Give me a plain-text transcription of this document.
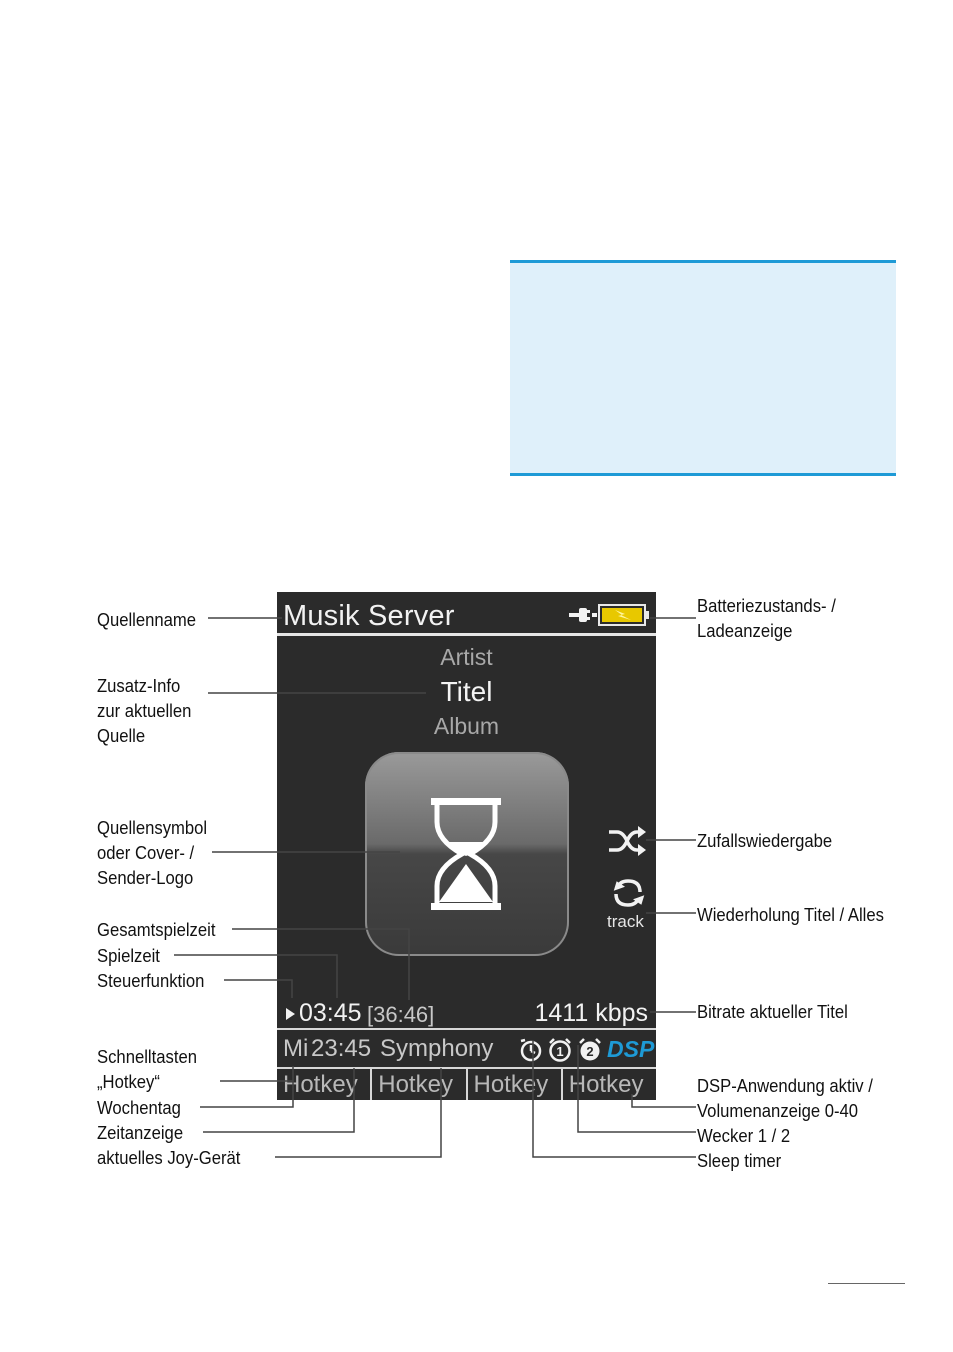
Musik Server
Artist
Titel
Album
track
03:45 [36:46]	1411 kbps
Mi 23:45 Symphony	1 2 DSP
Hotkey Hotkey Hotkey Hotkey
Quellenname
Zusatz-Info
zur aktuellen
Quelle
Quellensymbol
oder Cover- /
Sender-Logo
Gesamtspielzeit
Spielzeit
Steuerfunktion
Schnelltasten
„Hotkey“
Wochentag
Zeitanzeige
aktuelles Joy-Gerät
Batteriezustands- /
Ladeanzeige
Zufallswiedergabe
Wiederholung Titel / Alles
Bitrate aktueller Titel
DSP-Anwendung aktiv /
Volumenanzeige 0-40
Wecker 1 / 2
Sleep timer
